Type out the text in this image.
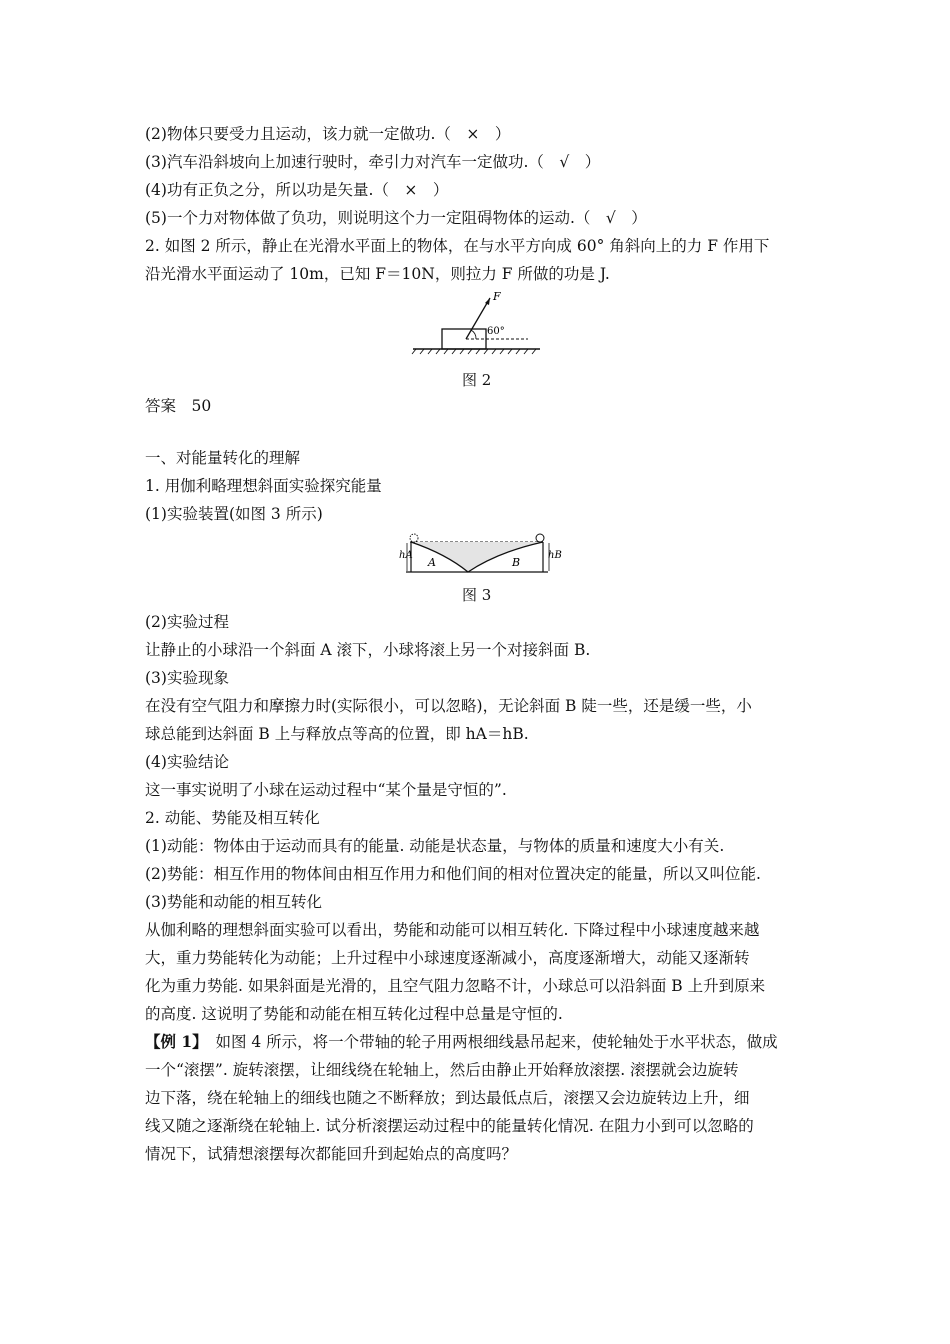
(2)物体只要受力且运动，该力就一定做功.（　×　）
(3)汽车沿斜坡向上加速行驶时，牵引力对汽车一定做功.（　√　）
(4)功有正负之分，所以功是矢量.（　×　）
(5)一个力对物体做了负功，则说明这个力一定阻碍物体的运动.（　√　）
2. 如图 2 所示，静止在光滑水平面上的物体，在与水平方向成 60° 角斜向上的力 F 作用下
沿光滑水平面运动了 10m，已知 F＝10N，则拉力 F 所做的功是 J.
F
60°
图 2
答案　50
一、对能量转化的理解
1. 用伽利略理想斜面实验探究能量
(1)实验装置(如图 3 所示)
hA	hB
A	B
图 3
(2)实验过程
让静止的小球沿一个斜面 A 滚下，小球将滚上另一个对接斜面 B.
(3)实验现象
在没有空气阻力和摩擦力时(实际很小，可以忽略)，无论斜面 B 陡一些，还是缓一些，小
球总能到达斜面 B 上与释放点等高的位置，即 hA＝hB.
(4)实验结论
这一事实说明了小球在运动过程中“某个量是守恒的”.
2. 动能、势能及相互转化
(1)动能：物体由于运动而具有的能量. 动能是状态量，与物体的质量和速度大小有关.
(2)势能：相互作用的物体间由相互作用力和他们间的相对位置决定的能量，所以又叫位能.
(3)势能和动能的相互转化
从伽利略的理想斜面实验可以看出，势能和动能可以相互转化. 下降过程中小球速度越来越
大，重力势能转化为动能；上升过程中小球速度逐渐减小，高度逐渐增大，动能又逐渐转
化为重力势能. 如果斜面是光滑的，且空气阻力忽略不计，小球总可以沿斜面 B 上升到原来
的高度. 这说明了势能和动能在相互转化过程中总量是守恒的.
【例 1】　如图 4 所示，将一个带轴的轮子用两根细线悬吊起来，使轮轴处于水平状态，做成
一个“滚摆”. 旋转滚摆，让细线绕在轮轴上，然后由静止开始释放滚摆. 滚摆就会边旋转
边下落，绕在轮轴上的细线也随之不断释放；到达最低点后，滚摆又会边旋转边上升，细
线又随之逐渐绕在轮轴上. 试分析滚摆运动过程中的能量转化情况. 在阻力小到可以忽略的
情况下，试猜想滚摆每次都能回升到起始点的高度吗？
